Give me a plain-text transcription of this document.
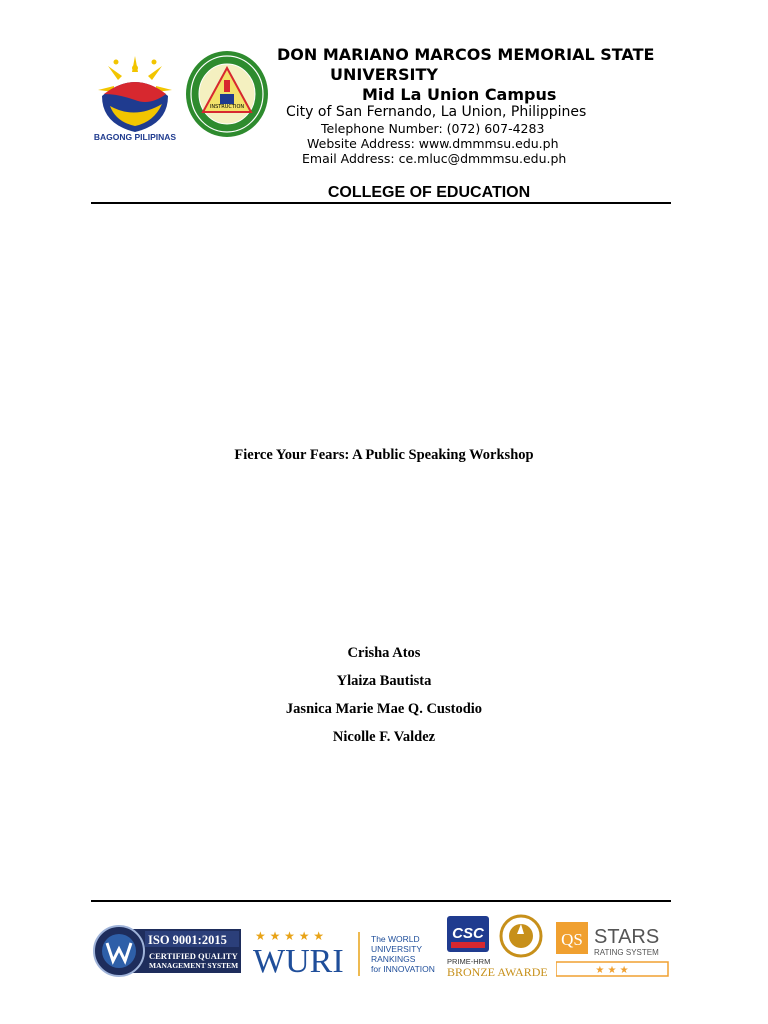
BAGONG PILIPINAS
INSTRUCTION
DON MARIANO MARCOS MEMORIAL STATE
UNIVERSITY
Mid La Union Campus
City of San Fernando, La Union, Philippines
Telephone Number: (072) 607-4283
Website Address: www.dmmmsu.edu.ph
Email Address: ce.mluc@dmmmsu.edu.ph
COLLEGE OF EDUCATION
Fierce Your Fears: A Public Speaking Workshop
Crisha Atos
Ylaiza Bautista
Jasnica Marie Mae Q. Custodio
Nicolle F. Valdez
ISO 9001:2015
CERTIFIED QUALITY
MANAGEMENT SYSTEM
★ ★ ★ ★ ★
WURI
The WORLD
UNIVERSITY
RANKINGS
for INNOVATION
CSC
PRIME-HRM
BRONZE AWARDEE
QS STARS
RATING SYSTEM
★ ★ ★
